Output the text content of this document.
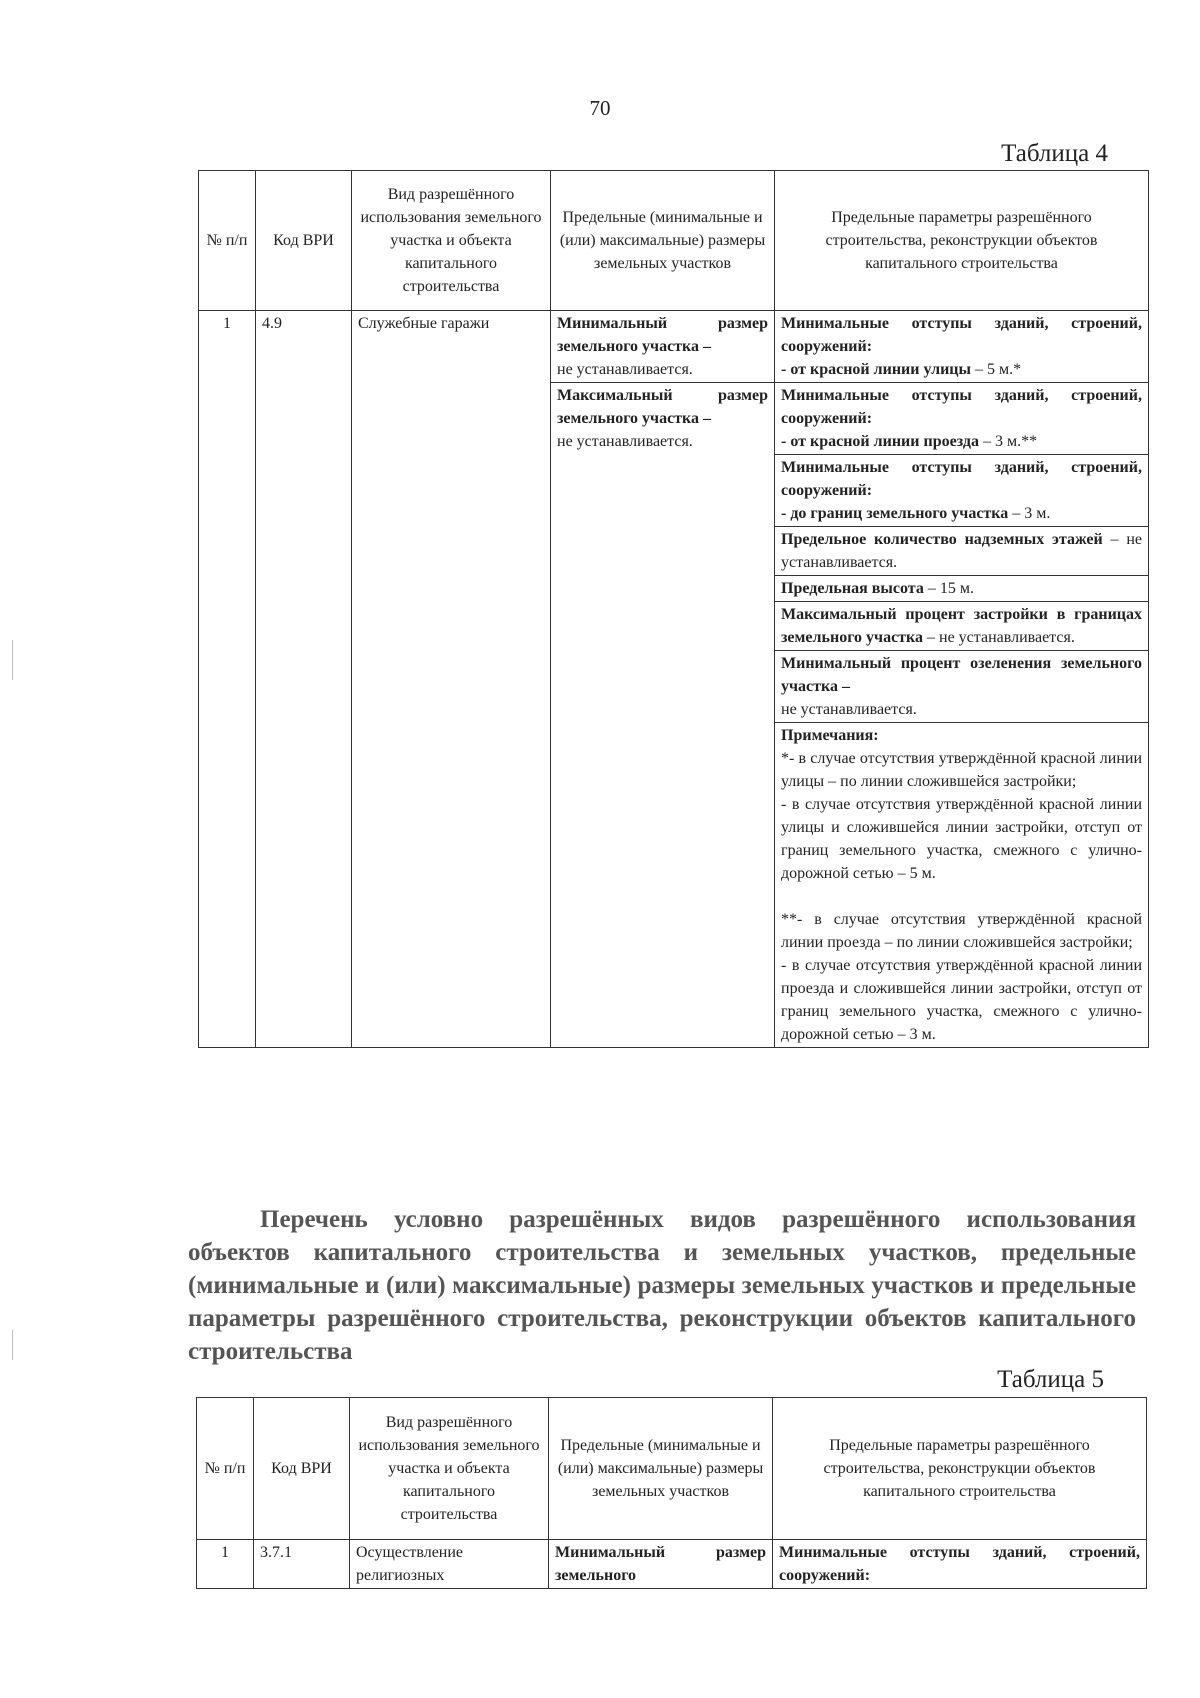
70
Таблица 4
№ п/п	Код ВРИ	Вид разрешённого использования земельного участка и объекта капитального строительства	Предельные (минимальные и (или) максимальные) размеры земельных участков	Предельные параметры разрешённого строительства, реконструкции объектов капитального строительства
1	4.9	Служебные гаражи	Минимальный размер земельного участка –
не устанавливается.	Минимальные отступы зданий, строений, сооружений:
- от красной линии улицы – 5 м.*
			Максимальный размер земельного участка –
не устанавливается.	Минимальные отступы зданий, строений, сооружений:
- от красной линии проезда – 3 м.**
				Минимальные отступы зданий, строений, сооружений:
- до границ земельного участка – 3 м.
				Предельное количество надземных этажей – не устанавливается.
				Предельная высота – 15 м.
				Максимальный процент застройки в границах земельного участка – не устанавливается.
				Минимальный процент озеленения земельного участка –
не устанавливается.

				Примечания:
*- в случае отсутствия утверждённой красной линии улицы – по линии сложившейся застройки;
- в случае отсутствия утверждённой красной линии улицы и сложившейся линии застройки, отступ от границ земельного участка, смежного с улично-дорожной сетью – 5 м.
**- в случае отсутствия утверждённой красной линии проезда – по линии сложившейся застройки;
- в случае отсутствия утверждённой красной линии проезда и сложившейся линии застройки, отступ от границ земельного участка, смежного с улично-дорожной сетью – 3 м.
Перечень условно разрешённых видов разрешённого использования объектов капитального строительства и земельных участков, предельные (минимальные и (или) максимальные) размеры земельных участков и предельные параметры разрешённого строительства, реконструкции объектов капитального строительства
Таблица 5
№ п/п	Код ВРИ	Вид разрешённого использования земельного участка и объекта капитального строительства	Предельные (минимальные и (или) максимальные) размеры земельных участков	Предельные параметры разрешённого строительства, реконструкции объектов капитального строительства
1	3.7.1	Осуществление религиозных	Минимальный размер земельного	Минимальные отступы зданий, строений, сооружений:
